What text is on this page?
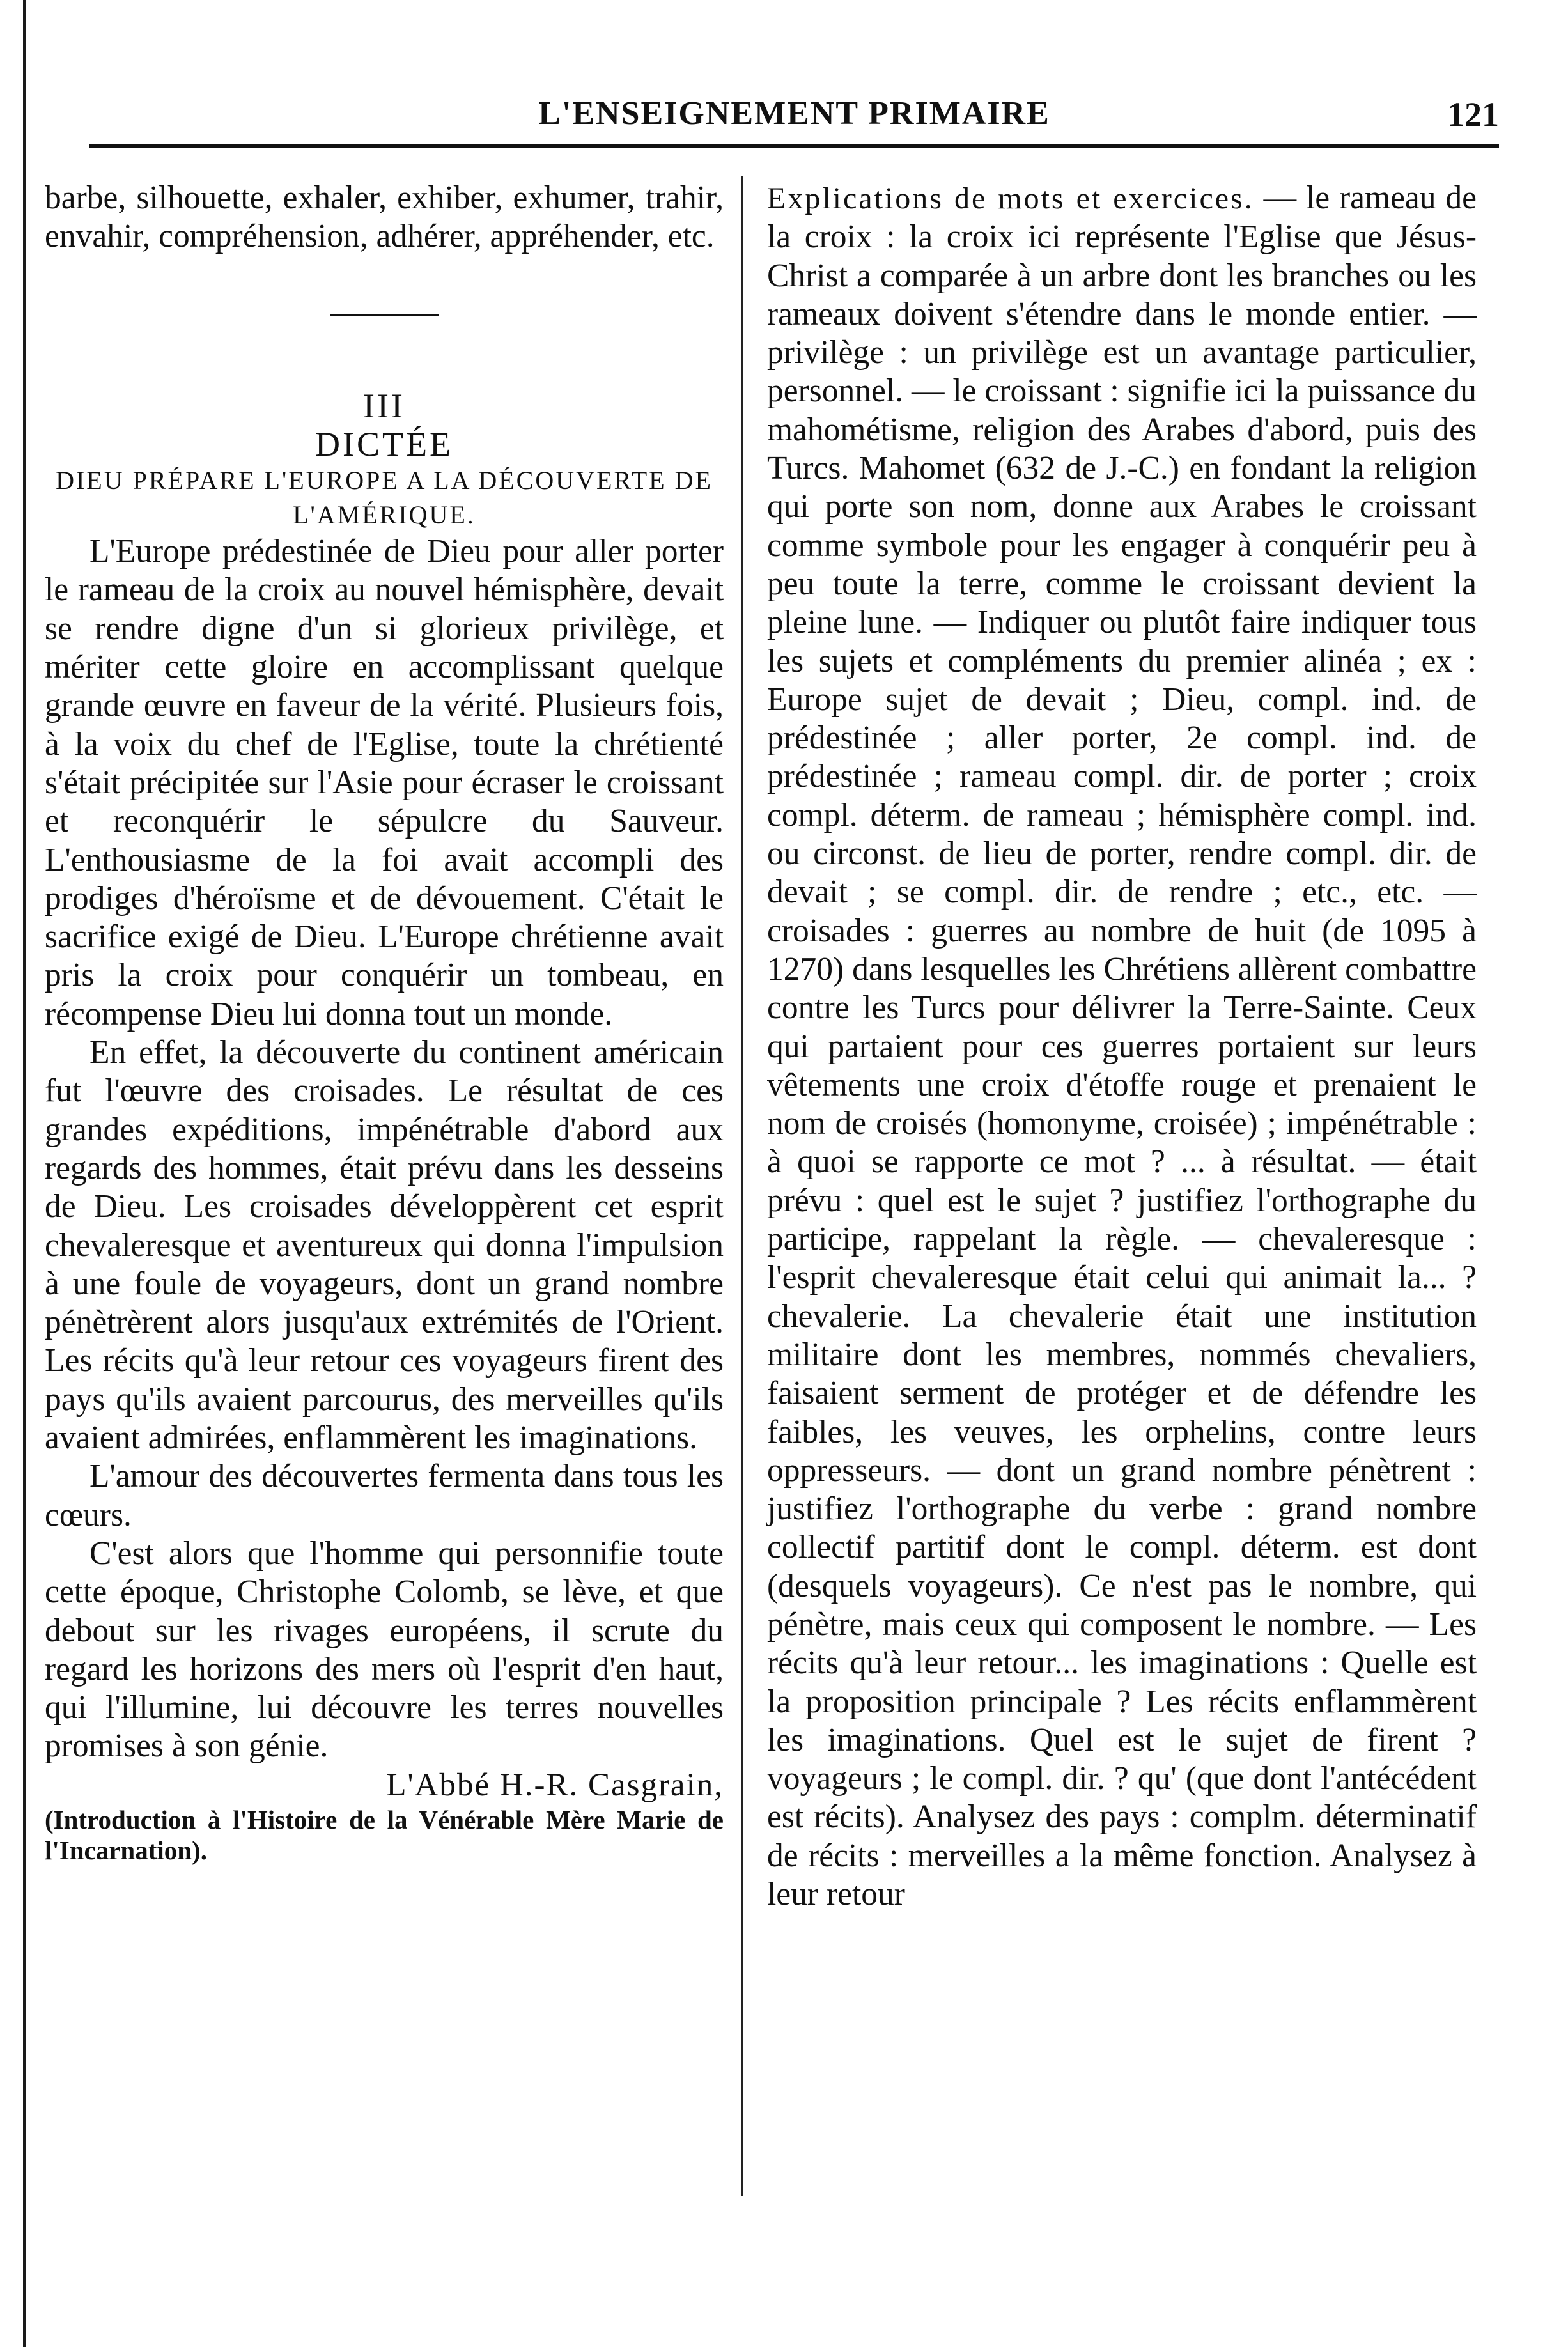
L'ENSEIGNEMENT PRIMAIRE	121

barbe, silhouette, exhaler, exhiber, exhumer, trahir, envahir, compréhension, adhérer, appréhender, etc.

III

DICTÉE

DIEU PRÉPARE L'EUROPE A LA DÉCOUVERTE DE L'AMÉRIQUE.

L'Europe prédestinée de Dieu pour aller porter le rameau de la croix au nouvel hémisphère, devait se rendre digne d'un si glorieux privilège, et mériter cette gloire en accomplissant quelque grande œuvre en faveur de la vérité. Plusieurs fois, à la voix du chef de l'Eglise, toute la chrétienté s'était précipitée sur l'Asie pour écraser le croissant et reconquérir le sépulcre du Sauveur. L'enthousiasme de la foi avait accompli des prodiges d'héroïsme et de dévouement. C'était le sacrifice exigé de Dieu. L'Europe chrétienne avait pris la croix pour conquérir un tombeau, en récompense Dieu lui donna tout un monde.

En effet, la découverte du continent américain fut l'œuvre des croisades. Le résultat de ces grandes expéditions, impénétrable d'abord aux regards des hommes, était prévu dans les desseins de Dieu. Les croisades développèrent cet esprit chevaleresque et aventureux qui donna l'impulsion à une foule de voyageurs, dont un grand nombre pénètrèrent alors jusqu'aux extrémités de l'Orient. Les récits qu'à leur retour ces voyageurs firent des pays qu'ils avaient parcourus, des merveilles qu'ils avaient admirées, enflammèrent les imaginations.

L'amour des découvertes fermenta dans tous les cœurs.

C'est alors que l'homme qui personnifie toute cette époque, Christophe Colomb, se lève, et que debout sur les rivages européens, il scrute du regard les horizons des mers où l'esprit d'en haut, qui l'illumine, lui découvre les terres nouvelles promises à son génie.

L'Abbé H.-R. Casgrain,

(Introduction à l'Histoire de la Vénérable Mère Marie de l'Incarnation).

Explications de mots et exercices. — le rameau de la croix : la croix ici représente l'Eglise que Jésus-Christ a comparée à un arbre dont les branches ou les rameaux doivent s'étendre dans le monde entier. — privilège : un privilège est un avantage particulier, personnel. — le croissant : signifie ici la puissance du mahométisme, religion des Arabes d'abord, puis des Turcs. Mahomet (632 de J.-C.) en fondant la religion qui porte son nom, donne aux Arabes le croissant comme symbole pour les engager à conquérir peu à peu toute la terre, comme le croissant devient la pleine lune. — Indiquer ou plutôt faire indiquer tous les sujets et compléments du premier alinéa ; ex : Europe sujet de devait ; Dieu, compl. ind. de prédestinée ; aller porter, 2e compl. ind. de prédestinée ; rameau compl. dir. de porter ; croix compl. déterm. de rameau ; hémisphère compl. ind. ou circonst. de lieu de porter, rendre compl. dir. de devait ; se compl. dir. de rendre ; etc., etc. — croisades : guerres au nombre de huit (de 1095 à 1270) dans lesquelles les Chrétiens allèrent combattre contre les Turcs pour délivrer la Terre-Sainte. Ceux qui partaient pour ces guerres portaient sur leurs vêtements une croix d'étoffe rouge et prenaient le nom de croisés (homonyme, croisée) ; impénétrable : à quoi se rapporte ce mot ? ... à résultat. — était prévu : quel est le sujet ? justifiez l'orthographe du participe, rappelant la règle. — chevaleresque : l'esprit chevaleresque était celui qui animait la... ? chevalerie. La chevalerie était une institution militaire dont les membres, nommés chevaliers, faisaient serment de protéger et de défendre les faibles, les veuves, les orphelins, contre leurs oppresseurs. — dont un grand nombre pénètrent : justifiez l'orthographe du verbe : grand nombre collectif partitif dont le compl. déterm. est dont (desquels voyageurs). Ce n'est pas le nombre, qui pénètre, mais ceux qui composent le nombre. — Les récits qu'à leur retour... les imaginations : Quelle est la proposition principale ? Les récits enflammèrent les imaginations. Quel est le sujet de firent ? voyageurs ; le compl. dir. ? qu' (que dont l'antécédent est récits). Analysez des pays : complm. déterminatif de récits : merveilles a la même fonction. Analysez à leur retour
